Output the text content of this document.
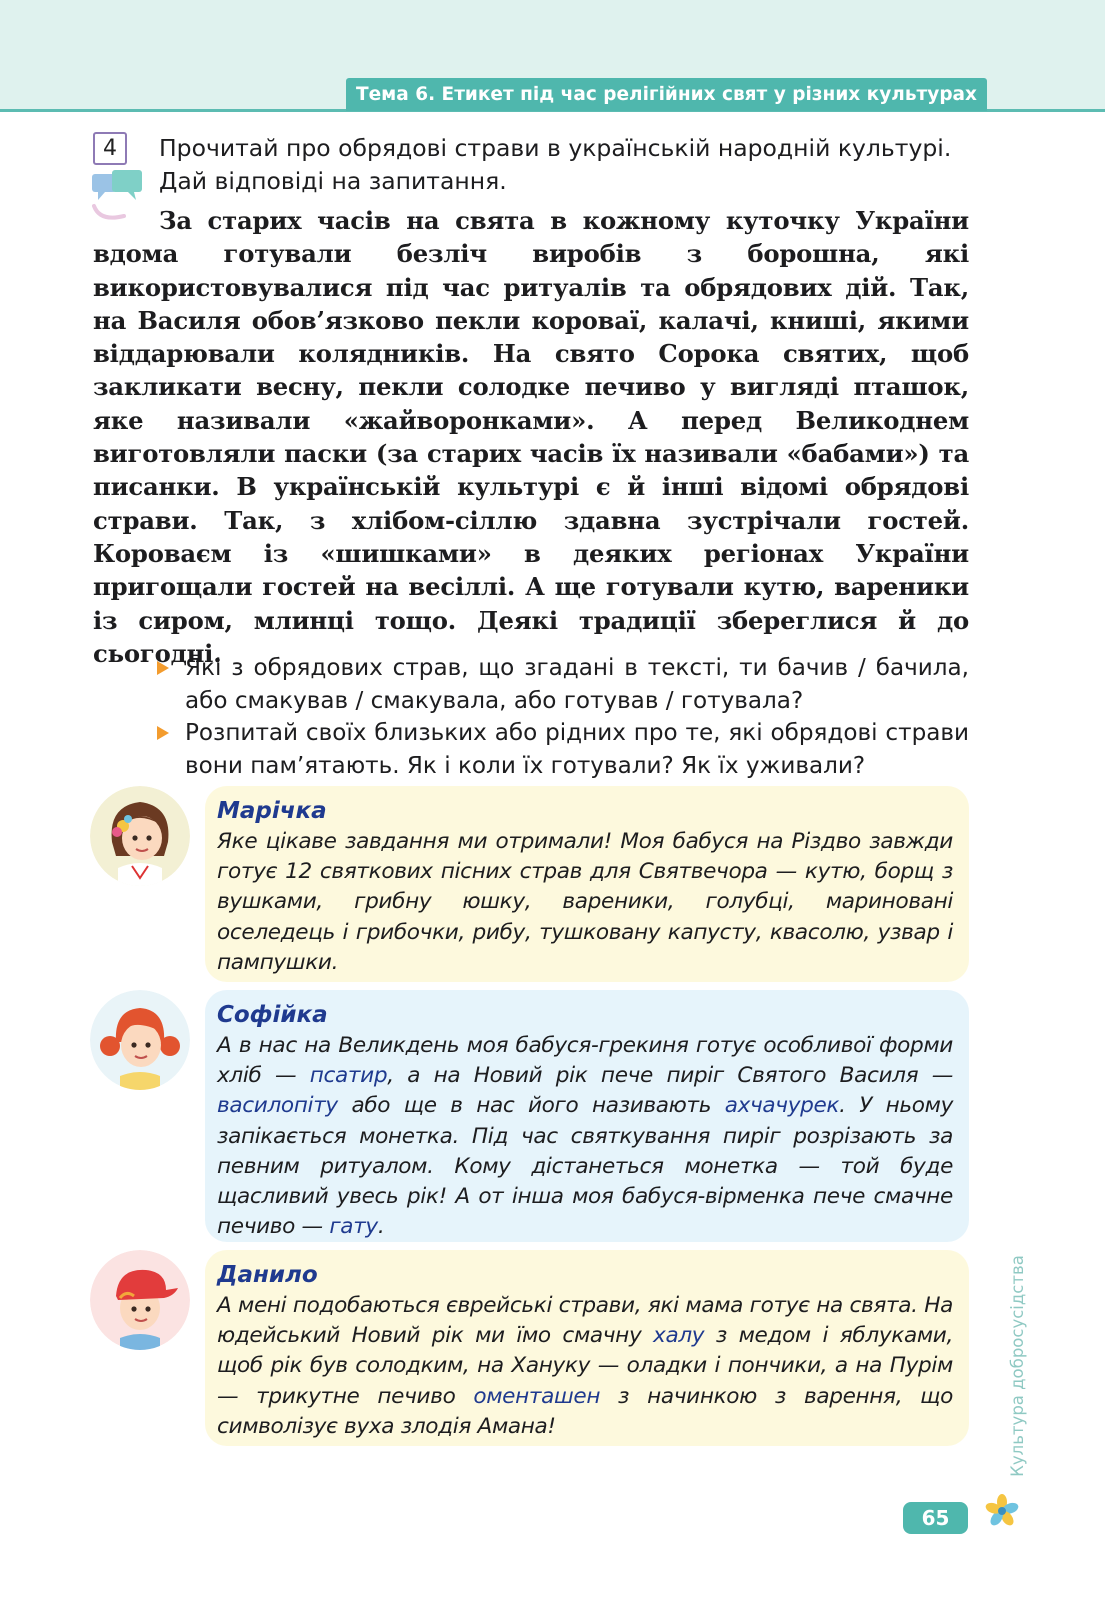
Тема 6. Етикет під час релігійних свят у різних культурах
4	Прочитай про обрядові страви в українській народній культурі. Дай відповіді на запитання.
За старих часів на свята в кожному куточку України вдома готували безліч виробів з борошна, які використовувалися під час ритуалів та обрядових дій. Так, на Василя обов’язково пекли короваї, калачі, книші, якими віддарювали колядників. На свято Сорока святих, щоб закликати весну, пекли солодке печиво у вигляді пташок, яке називали «жайворонками». А перед Великоднем виготовляли паски (за старих часів їх називали «бабами») та писанки. В українській культурі є й інші відомі обрядові страви. Так, з хлібом-сіллю здавна зустрічали гостей. Короваєм із «шишками» в деяких регіонах України пригощали гостей на весіллі. А ще готували кутю, вареники із сиром, млинці тощо. Деякі традиції збереглися й до сьогодні.
Які з обрядових страв, що згадані в тексті, ти бачив / бачила, або смакував / смакувала, або готував / готувала?
Розпитай своїх близьких або рідних про те, які обрядові страви вони пам’ятають. Як і коли їх готували? Як їх уживали?
Марічка
Яке цікаве завдання ми отримали! Моя бабуся на Різдво завжди готує 12 святкових пісних страв для Святвечора — кутю, борщ з вушками, грибну юшку, вареники, голубці, мариновані оселедець і грибочки, рибу, тушковану капусту, квасолю, узвар і пампушки.
Софійка
А в нас на Великдень моя бабуся-грекиня готує особливої форми хліб — псатир, а на Новий рік пече пиріг Святого Василя — василопіту або ще в нас його називають ахчачурек. У ньому запікається монетка. Під час святкування пиріг розрізають за певним ритуалом. Кому дістанеться монетка — той буде щасливий увесь рік! А от інша моя бабуся-вірменка пече смачне печиво — гату.
Данило
А мені подобаються єврейські страви, які мама готує на свята. На юдейський Новий рік ми їмо смачну халу з медом і яблуками, щоб рік був солодким, на Хануку — оладки і пончики, а на Пурім — трикутне печиво оменташен з начинкою з варення, що символізує вуха злодія Амана!	Культура добросусідства
65
